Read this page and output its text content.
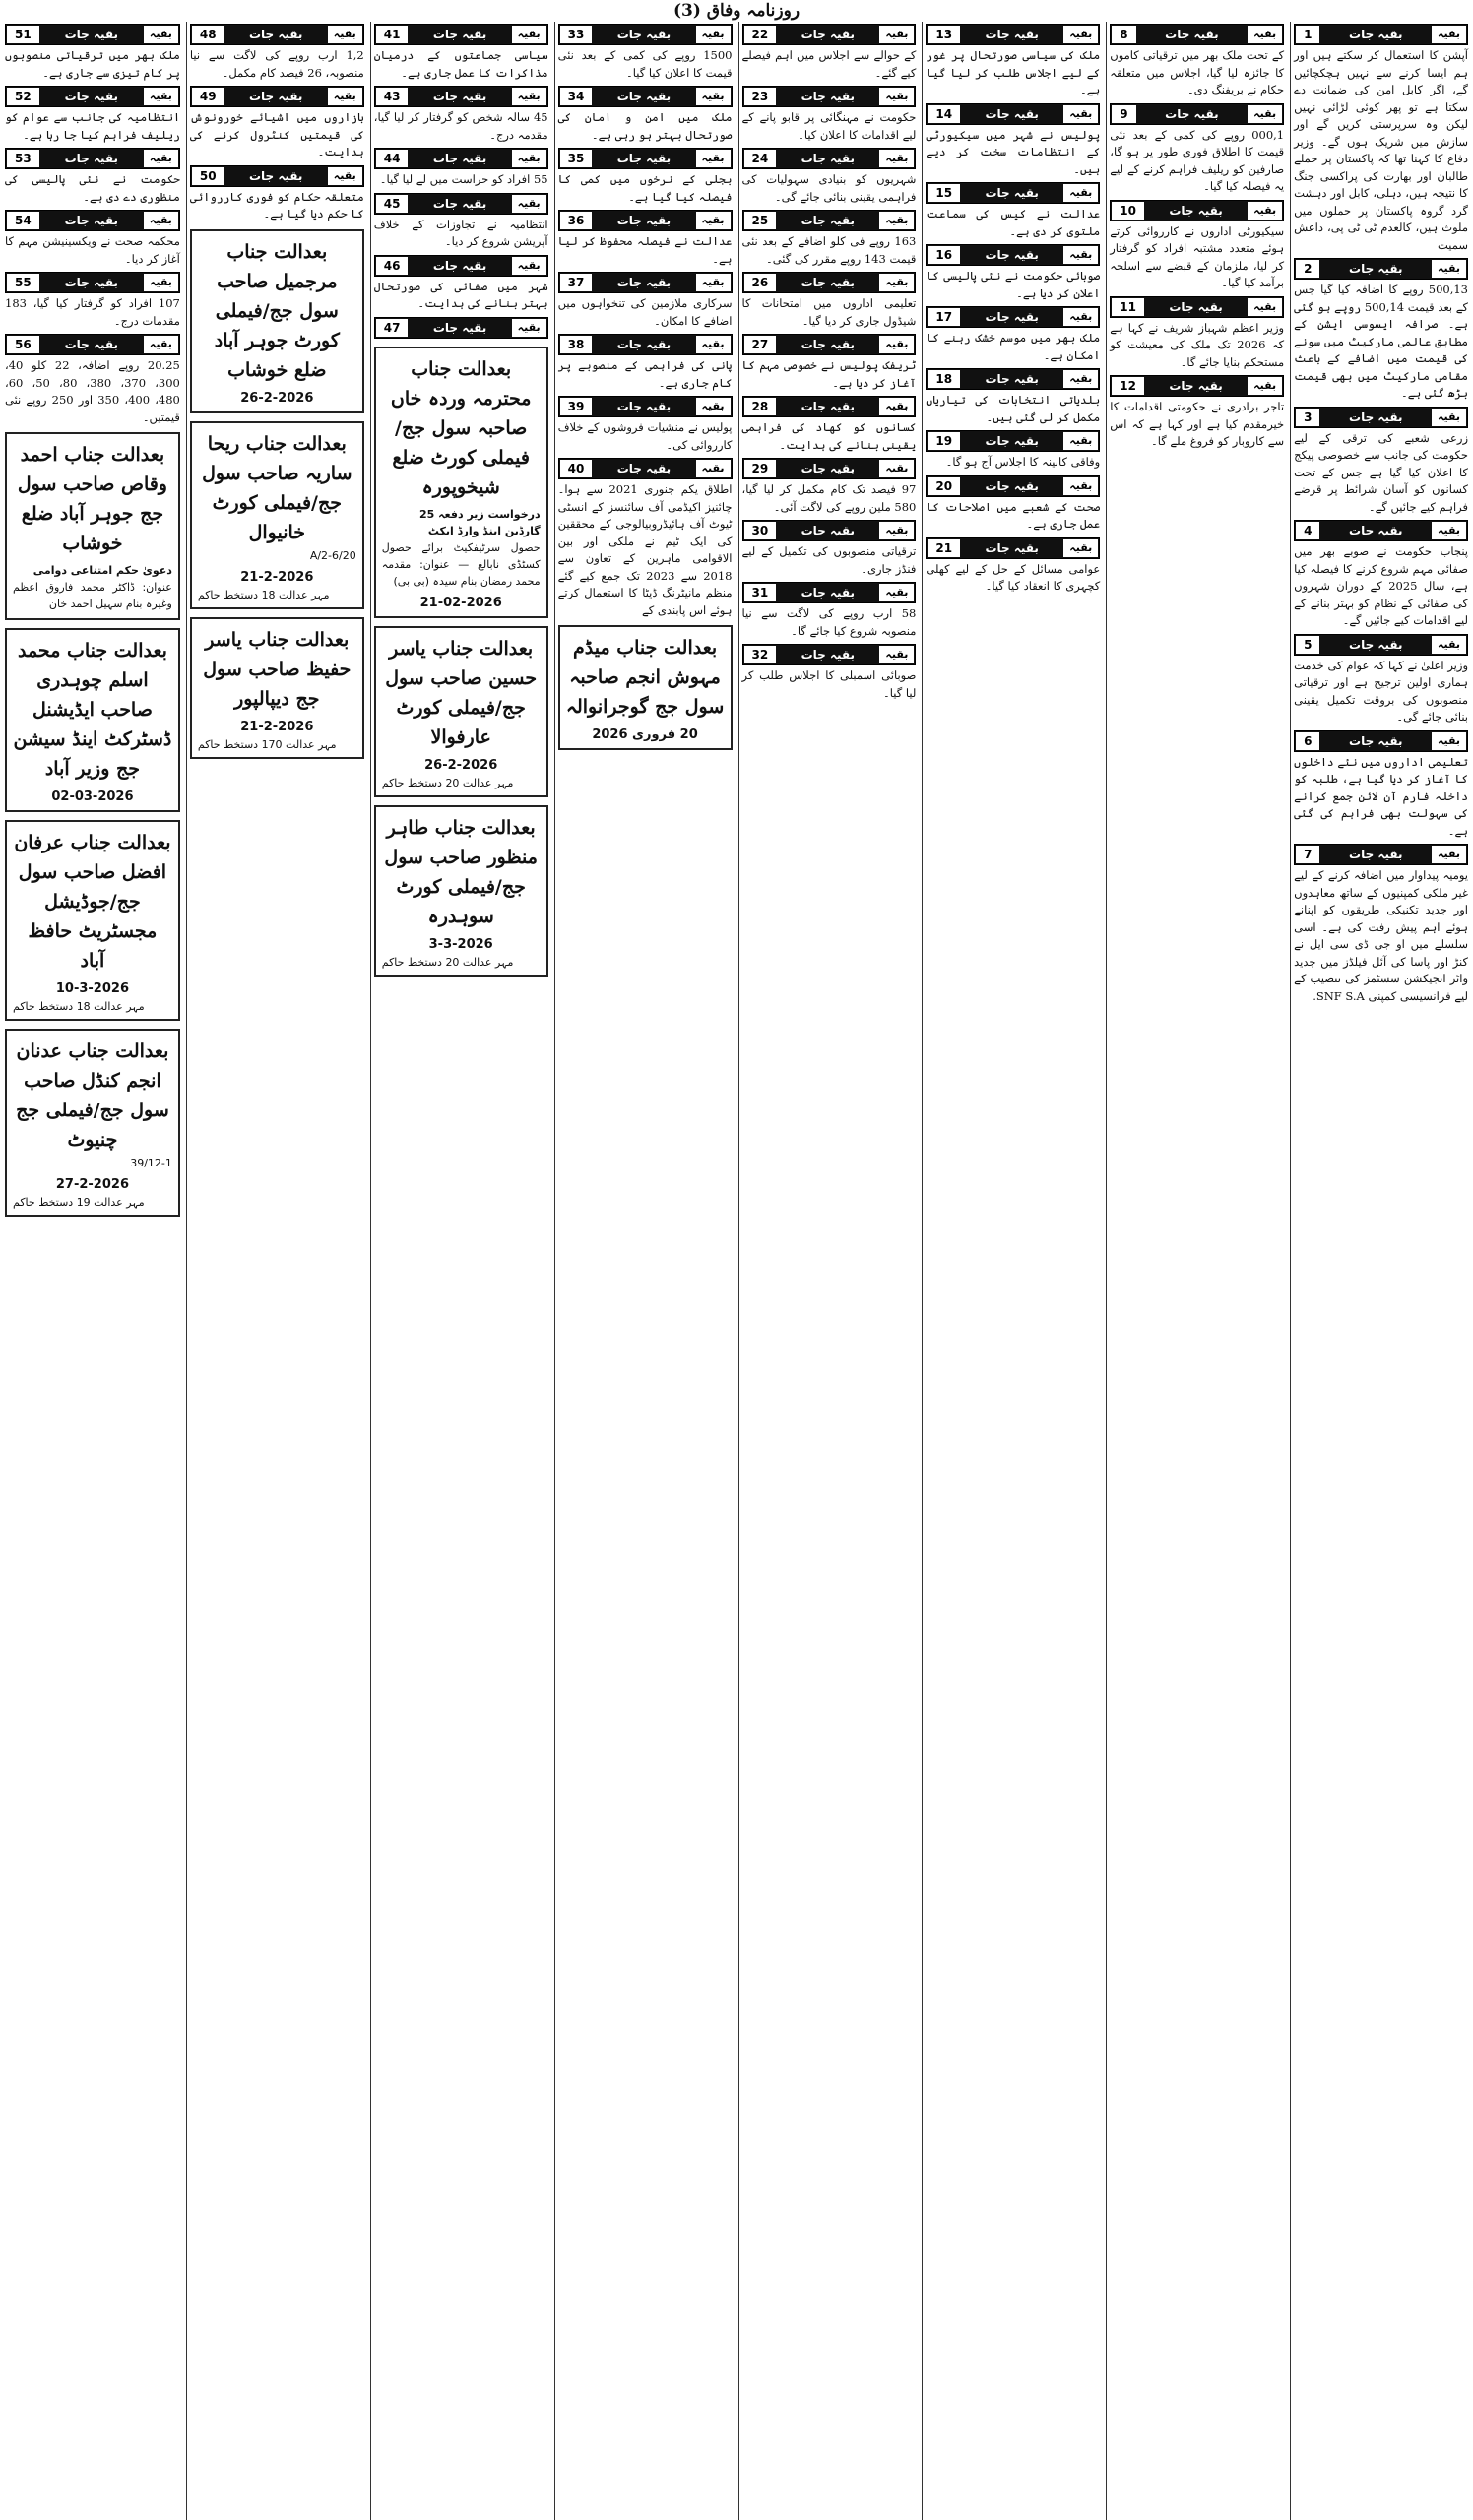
روزنامہ وفاق (3)
بقیہ
بقیہ جات
1
آپشن کا استعمال کر سکتے ہیں اور ہم ایسا کرنے سے نہیں ہچکچائیں گے، اگر کابل امن کی ضمانت دے سکتا ہے تو پھر کوئی لڑائی نہیں لیکن وہ سرپرستی کریں گے اور سازش میں شریک ہوں گے۔ وزیر دفاع کا کہنا تھا کہ پاکستان پر حملے طالبان اور بھارت کی پراکسی جنگ کا نتیجہ ہیں، دہلی، کابل اور دہشت گرد گروہ پاکستان پر حملوں میں ملوث ہیں، کالعدم ٹی ٹی پی، داعش سمیت
بقیہ
بقیہ جات
2
500,13 روپے کا اضافہ کیا گیا جس کے بعد قیمت 500,14 روپے ہو گئی ہے۔ صرافہ ایسوسی ایشن کے مطابق عالمی مارکیٹ میں سونے کی قیمت میں اضافے کے باعث مقامی مارکیٹ میں بھی قیمت بڑھ گئی ہے۔
بقیہ
بقیہ جات
3
زرعی شعبے کی ترقی کے لیے حکومت کی جانب سے خصوصی پیکج کا اعلان کیا گیا ہے جس کے تحت کسانوں کو آسان شرائط پر قرضے فراہم کیے جائیں گے۔
بقیہ
بقیہ جات
4
پنجاب حکومت نے صوبے بھر میں صفائی مہم شروع کرنے کا فیصلہ کیا ہے، سال 2025 کے دوران شہروں کی صفائی کے نظام کو بہتر بنانے کے لیے اقدامات کیے جائیں گے۔
بقیہ
بقیہ جات
5
وزیر اعلیٰ نے کہا کہ عوام کی خدمت ہماری اولین ترجیح ہے اور ترقیاتی منصوبوں کی بروقت تکمیل یقینی بنائی جائے گی۔
بقیہ
بقیہ جات
6
تعلیمی اداروں میں نئے داخلوں کا آغاز کر دیا گیا ہے، طلبہ کو داخلہ فارم آن لائن جمع کرانے کی سہولت بھی فراہم کی گئی ہے۔
بقیہ
بقیہ جات
7
یومیہ پیداوار میں اضافہ کرنے کے لیے غیر ملکی کمپنیوں کے ساتھ معاہدوں اور جدید تکنیکی طریقوں کو اپنانے ہوئے اہم پیش رفت کی ہے۔ اسی سلسلے میں او جی ڈی سی ایل نے کنڑ اور پاسا کی آئل فیلڈز میں جدید واٹر انجیکشن سسٹمز کی تنصیب کے لیے فرانسیسی کمپنی SNF S.A.
بقیہ
بقیہ جات
8
کے تحت ملک بھر میں ترقیاتی کاموں کا جائزہ لیا گیا، اجلاس میں متعلقہ حکام نے بریفنگ دی۔
بقیہ
بقیہ جات
9
000,1 روپے کی کمی کے بعد نئی قیمت کا اطلاق فوری طور پر ہو گا، صارفین کو ریلیف فراہم کرنے کے لیے یہ فیصلہ کیا گیا۔
بقیہ
بقیہ جات
10
سیکیورٹی اداروں نے کارروائی کرتے ہوئے متعدد مشتبہ افراد کو گرفتار کر لیا، ملزمان کے قبضے سے اسلحہ برآمد کیا گیا۔
بقیہ
بقیہ جات
11
وزیر اعظم شہباز شریف نے کہا ہے کہ 2026 تک ملک کی معیشت کو مستحکم بنایا جائے گا۔
بقیہ
بقیہ جات
12
تاجر برادری نے حکومتی اقدامات کا خیرمقدم کیا ہے اور کہا ہے کہ اس سے کاروبار کو فروغ ملے گا۔
بقیہ
بقیہ جات
13
ملک کی سیاسی صورتحال پر غور کے لیے اجلاس طلب کر لیا گیا ہے۔
بقیہ
بقیہ جات
14
پولیس نے شہر میں سیکیورٹی کے انتظامات سخت کر دیے ہیں۔
بقیہ
بقیہ جات
15
عدالت نے کیس کی سماعت ملتوی کر دی ہے۔
بقیہ
بقیہ جات
16
صوبائی حکومت نے نئی پالیسی کا اعلان کر دیا ہے۔
بقیہ
بقیہ جات
17
ملک بھر میں موسم خشک رہنے کا امکان ہے۔
بقیہ
بقیہ جات
18
بلدیاتی انتخابات کی تیاریاں مکمل کر لی گئی ہیں۔
بقیہ
بقیہ جات
19
وفاقی کابینہ کا اجلاس آج ہو گا۔
بقیہ
بقیہ جات
20
صحت کے شعبے میں اصلاحات کا عمل جاری ہے۔
بقیہ
بقیہ جات
21
عوامی مسائل کے حل کے لیے کھلی کچہری کا انعقاد کیا گیا۔
بقیہ
بقیہ جات
22
کے حوالے سے اجلاس میں اہم فیصلے کیے گئے۔
بقیہ
بقیہ جات
23
حکومت نے مہنگائی پر قابو پانے کے لیے اقدامات کا اعلان کیا۔
بقیہ
بقیہ جات
24
شہریوں کو بنیادی سہولیات کی فراہمی یقینی بنائی جائے گی۔
بقیہ
بقیہ جات
25
163 روپے فی کلو اضافے کے بعد نئی قیمت 143 روپے مقرر کی گئی۔
بقیہ
بقیہ جات
26
تعلیمی اداروں میں امتحانات کا شیڈول جاری کر دیا گیا۔
بقیہ
بقیہ جات
27
ٹریفک پولیس نے خصوصی مہم کا آغاز کر دیا ہے۔
بقیہ
بقیہ جات
28
کسانوں کو کھاد کی فراہمی یقینی بنانے کی ہدایت۔
بقیہ
بقیہ جات
29
97 فیصد تک کام مکمل کر لیا گیا، 580 ملین روپے کی لاگت آئی۔
بقیہ
بقیہ جات
30
ترقیاتی منصوبوں کی تکمیل کے لیے فنڈز جاری۔
بقیہ
بقیہ جات
31
58 ارب روپے کی لاگت سے نیا منصوبہ شروع کیا جائے گا۔
بقیہ
بقیہ جات
32
صوبائی اسمبلی کا اجلاس طلب کر لیا گیا۔
بقیہ
بقیہ جات
33
1500 روپے کی کمی کے بعد نئی قیمت کا اعلان کیا گیا۔
بقیہ
بقیہ جات
34
ملک میں امن و امان کی صورتحال بہتر ہو رہی ہے۔
بقیہ
بقیہ جات
35
بجلی کے نرخوں میں کمی کا فیصلہ کیا گیا ہے۔
بقیہ
بقیہ جات
36
عدالت نے فیصلہ محفوظ کر لیا ہے۔
بقیہ
بقیہ جات
37
سرکاری ملازمین کی تنخواہوں میں اضافے کا امکان۔
بقیہ
بقیہ جات
38
پانی کی فراہمی کے منصوبے پر کام جاری ہے۔
بقیہ
بقیہ جات
39
پولیس نے منشیات فروشوں کے خلاف کارروائی کی۔
بقیہ
بقیہ جات
40
اطلاق یکم جنوری 2021 سے ہوا۔ چائنیز اکیڈمی آف سائنسز کے انسٹی ٹیوٹ آف ہائیڈروبیالوجی کے محققین کی ایک ٹیم نے ملکی اور بین الاقوامی ماہرین کے تعاون سے 2018 سے 2023 تک جمع کیے گئے منظم مانیٹرنگ ڈیٹا کا استعمال کرتے ہوئے اس پابندی کے
بعدالت جناب میڈم مہوش انجم صاحبہ سول جج گوجرانوالہ
20 فروری 2026
بقیہ
بقیہ جات
41
سیاسی جماعتوں کے درمیان مذاکرات کا عمل جاری ہے۔
بقیہ
بقیہ جات
43
45 سالہ شخص کو گرفتار کر لیا گیا، مقدمہ درج۔
بقیہ
بقیہ جات
44
55 افراد کو حراست میں لے لیا گیا۔
بقیہ
بقیہ جات
45
انتظامیہ نے تجاوزات کے خلاف آپریشن شروع کر دیا۔
بقیہ
بقیہ جات
46
شہر میں صفائی کی صورتحال بہتر بنانے کی ہدایت۔
بقیہ
بقیہ جات
47
بعدالت جناب محترمہ وردہ خاں صاحبہ سول جج/فیملی کورٹ ضلع شیخوپورہ
درخواست زیر دفعہ 25 گارڈین اینڈ وارڈ ایکٹ
حصول سرٹیفکیٹ برائے حصول کسٹڈی نابالغ — عنوان: مقدمہ محمد رمضان بنام سیدہ (بی بی)
21-02-2026
بعدالت جناب یاسر حسین صاحب سول جج/فیملی کورٹ عارفوالا
26-2-2026
مہر عدالت 20 دستخط حاکم
بعدالت جناب طاہر منظور صاحب سول جج/فیملی کورٹ سوہدرہ
3-3-2026
مہر عدالت 20 دستخط حاکم
بقیہ
بقیہ جات
48
1,2 ارب روپے کی لاگت سے نیا منصوبہ، 26 فیصد کام مکمل۔
بقیہ
بقیہ جات
49
بازاروں میں اشیائے خورونوش کی قیمتیں کنٹرول کرنے کی ہدایت۔
بقیہ
بقیہ جات
50
متعلقہ حکام کو فوری کارروائی کا حکم دیا گیا ہے۔
بعدالت جناب مرجمیل صاحب سول جج/فیملی کورٹ جوہر آباد ضلع خوشاب
26-2-2026
بعدالت جناب ریحا ساریہ صاحب سول جج/فیملی کورٹ خانیوال
20/A/2-6
21-2-2026
مہر عدالت 18 دستخط حاکم
بعدالت جناب یاسر حفیظ صاحب سول جج دیپالپور
21-2-2026
مہر عدالت 170 دستخط حاکم
بقیہ
بقیہ جات
51
ملک بھر میں ترقیاتی منصوبوں پر کام تیزی سے جاری ہے۔
بقیہ
بقیہ جات
52
انتظامیہ کی جانب سے عوام کو ریلیف فراہم کیا جا رہا ہے۔
بقیہ
بقیہ جات
53
حکومت نے نئی پالیسی کی منظوری دے دی ہے۔
بقیہ
بقیہ جات
54
محکمہ صحت نے ویکسینیشن مہم کا آغاز کر دیا۔
بقیہ
بقیہ جات
55
107 افراد کو گرفتار کیا گیا، 183 مقدمات درج۔
بقیہ
بقیہ جات
56
20.25 روپے اضافہ، 22 کلو 40، 300، 370، 380، 80، 50، 60، 480، 400، 350 اور 250 روپے نئی قیمتیں۔
بعدالت جناب احمد وقاص صاحب سول جج جوہر آباد ضلع خوشاب
دعویٰ حکم امتناعی دوامی
عنوان: ڈاکٹر محمد فاروق اعظم وغیرہ بنام سہیل احمد خان
بعدالت جناب محمد اسلم چوہدری صاحب ایڈیشنل ڈسٹرکٹ اینڈ سیشن جج وزیر آباد
02-03-2026
بعدالت جناب عرفان افضل صاحب سول جج/جوڈیشل مجسٹریٹ حافظ آباد
10-3-2026
مہر عدالت 18 دستخط حاکم
بعدالت جناب عدنان انجم کنڈل صاحب سول جج/فیملی جج چنیوٹ
39/12-1
27-2-2026
مہر عدالت 19 دستخط حاکم
